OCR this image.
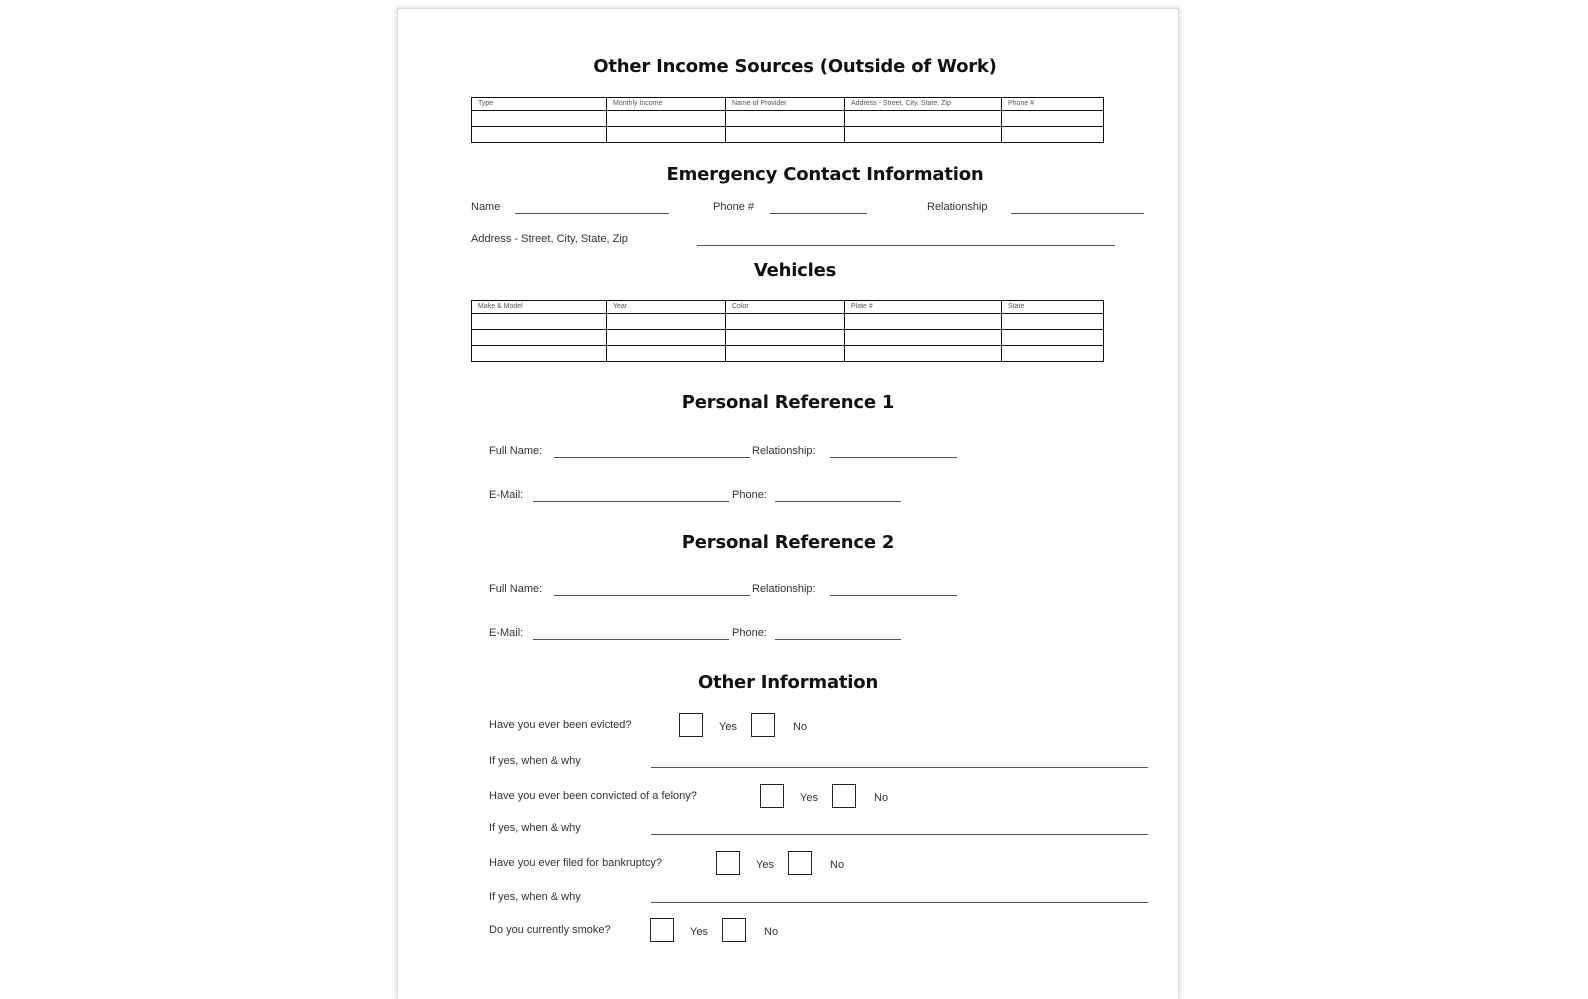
Other Income Sources (Outside of Work)
Type	Monthly Income	Name of Provider	Address - Street, City, State, Zip	Phone #

Emergency Contact Information
Name	Phone #	Relationship
Address - Street, City, State, Zip
Vehicles
Make & Model	Year	Color	Plate #	State

Personal Reference 1
Full Name:	Relationship:
E-Mail:	Phone:
Personal Reference 2
Full Name:	Relationship:
E-Mail:	Phone:
Other Information
Have you ever been evicted?	Yes	No
If yes, when & why
Have you ever been convicted of a felony?	Yes	No
If yes, when & why
Have you ever filed for bankruptcy?	Yes	No
If yes, when & why
Do you currently smoke?	Yes	No
